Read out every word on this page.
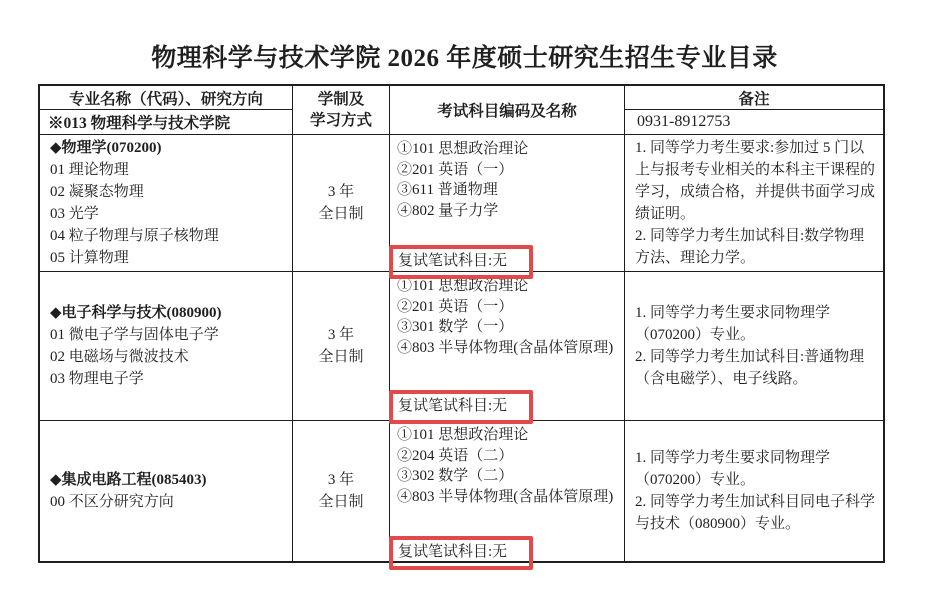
物理科学与技术学院 2026 年度硕士研究生招生专业目录
专业名称（代码）、研究方向
※013 物理科学与技术学院
学制及
学习方式
考试科目编码及名称
备注
0931-8912753
◆物理学(070200)
01 理论物理
02 凝聚态物理
03 光学
04 粒子物理与原子核物理
05 计算物理
3 年
全日制
①101 思想政治理论
②201 英语（一）
③611 普通物理
④802 量子力学
复试笔试科目:无
1. 同等学力考生要求:参加过 5 门以上与报考专业相关的本科主干课程的学习，成绩合格，并提供书面学习成绩证明。
2. 同等学力考生加试科目:数学物理方法、理论力学。
◆电子科学与技术(080900)
01 微电子学与固体电子学
02 电磁场与微波技术
03 物理电子学
3 年
全日制
①101 思想政治理论
②201 英语（一）
③301 数学（一）
④803 半导体物理(含晶体管原理)
复试笔试科目:无
1. 同等学力考生要求同物理学（070200）专业。
2. 同等学力考生加试科目:普通物理（含电磁学）、电子线路。
◆集成电路工程(085403)
00 不区分研究方向
3 年
全日制
①101 思想政治理论
②204 英语（二）
③302 数学（二）
④803 半导体物理(含晶体管原理)
复试笔试科目:无
1. 同等学力考生要求同物理学（070200）专业。
2. 同等学力考生加试科目同电子科学与技术（080900）专业。
